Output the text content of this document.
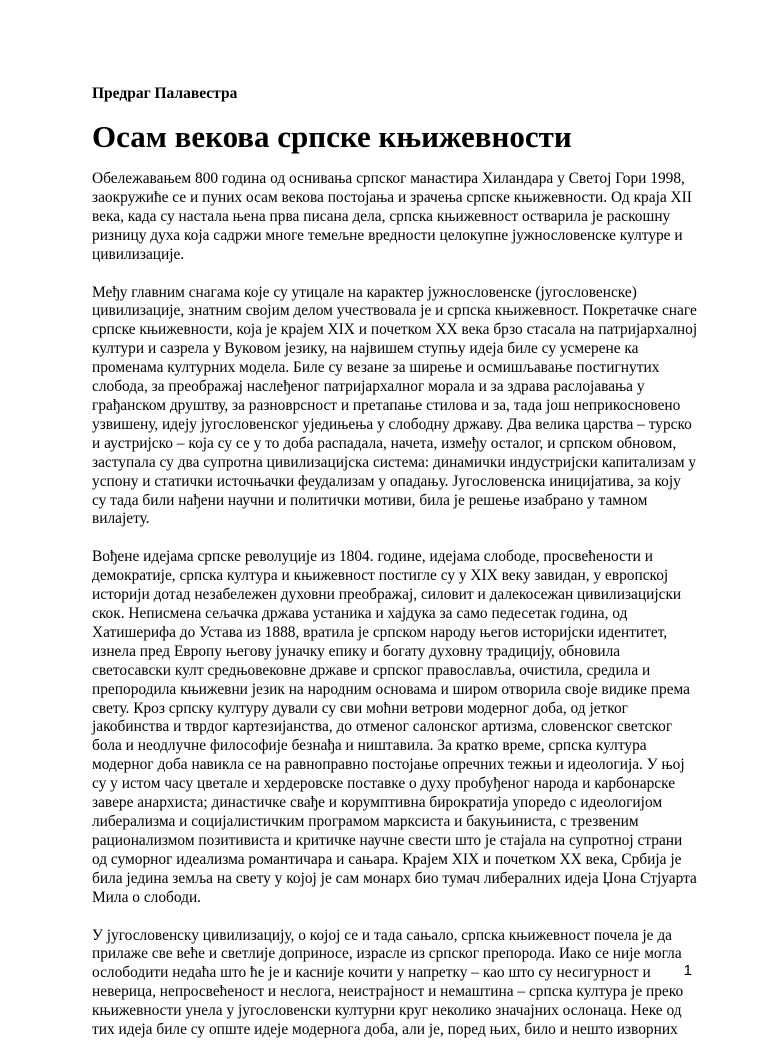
Предраг Палавестра
Осам векова српске књижевности

Обележавањем 800 година од оснивања српског манастира Хиландара у Светој Гори 1998, заокружиће се и пуних осам векова постојања и зрачења српске књижевности. Од краја XII века, када су настала њена прва писана дела, српска књижевност остварила је раскошну ризницу духа која садржи многе темељне вредности целокупне јужнословенске културе и цивилизације.

Међу главним снагама које су утицале на карактер јужнословенске (југословенске) цивилизације, знатним својим делом учествовала је и српска књижевност. Покретачке снаге српске књижевности, која је крајем XIX и почетком XX века брзо стасала на патријархалној култури и сазрела у Вуковом језику, на највишем ступњу идеја биле су усмерене ка променама културних модела. Биле су везане за ширење и осмишљавање постигнутих слобода, за преображај наслеђеног патријархалног морала и за здрава раслојавања у грађанском друштву, за разноврсност и претапање стилова и за, тада још неприкосновено узвишену, идеју југословенског уједињења у слободну државу. Два велика царства – турско и аустријско – која су се у то доба распадала, начета, између осталог, и српском обновом, заступала су два супротна цивилизацијска система: динамички индустријски капитализам у успону и статички источњачки феудализам у опадању. Југословенска иницијатива, за коју су тада били нађени научни и политички мотиви, била је решење изабрано у тамном вилајету.

Вођене идејама српске револуције из 1804. године, идејама слободе, просвећености и демократије, српска култура и књижевност постигле су у XIX веку завидан, у европској историји дотад незабележен духовни преображај, силовит и далекосежан цивилизацијски скок. Неписмена сељачка држава устаника и хајдука за само педесетак година, од Хатишерифа до Устава из 1888, вратила је српском народу његов историјски идентитет, изнела пред Европу његову јуначку епику и богату духовну традицију, обновила светосавски култ средњовековне државе и српског православља, очистила, средила и препородила књижевни језик на народним основама и широм отворила своје видике према свету. Кроз српску културу дували су сви моћни ветрови модерног доба, од јетког јакобинства и тврдог картезијанства, до отменог салонског артизма, словенског светског бола и неодлучне философије безнађа и ништавила. За кратко време, српска култура модерног доба навикла се на равноправно постојање опречних тежњи и идеологија. У њој су у истом часу цветале и хердеровске поставке о духу пробуђеног народа и карбонарске завере анархиста; династичке свађе и корумптивна бирократија упоредо с идеологијом либерализма и социјалистичким програмом марксиста и бакуњиниста, с трезвеним рационализмом позитивиста и критичке научне свести што је стајала на супротној страни од суморног идеализма романтичара и сањара. Крајем XIX и почетком XX века, Србија је била једина земља на свету у којој је сам монарх био тумач либералних идеја Џона Стјуарта Мила о слободи.

У југословенску цивилизацију, о којој се и тада сањало, српска књижевност почела је да прилаже све веће и светлије доприносе, израсле из српског препорода. Иако се није могла ослободити недаћа што ће је и касније кочити у напретку – као што су несигурност и неверица, непросвећеност и неслога, неистрајност и немаштина – српска култура је преко књижевности унела у југословенски културни круг неколико значајних ослонаца. Неке од тих идеја биле су опште идеје модернога доба, али је, поред њих, било и нешто изворних

1
